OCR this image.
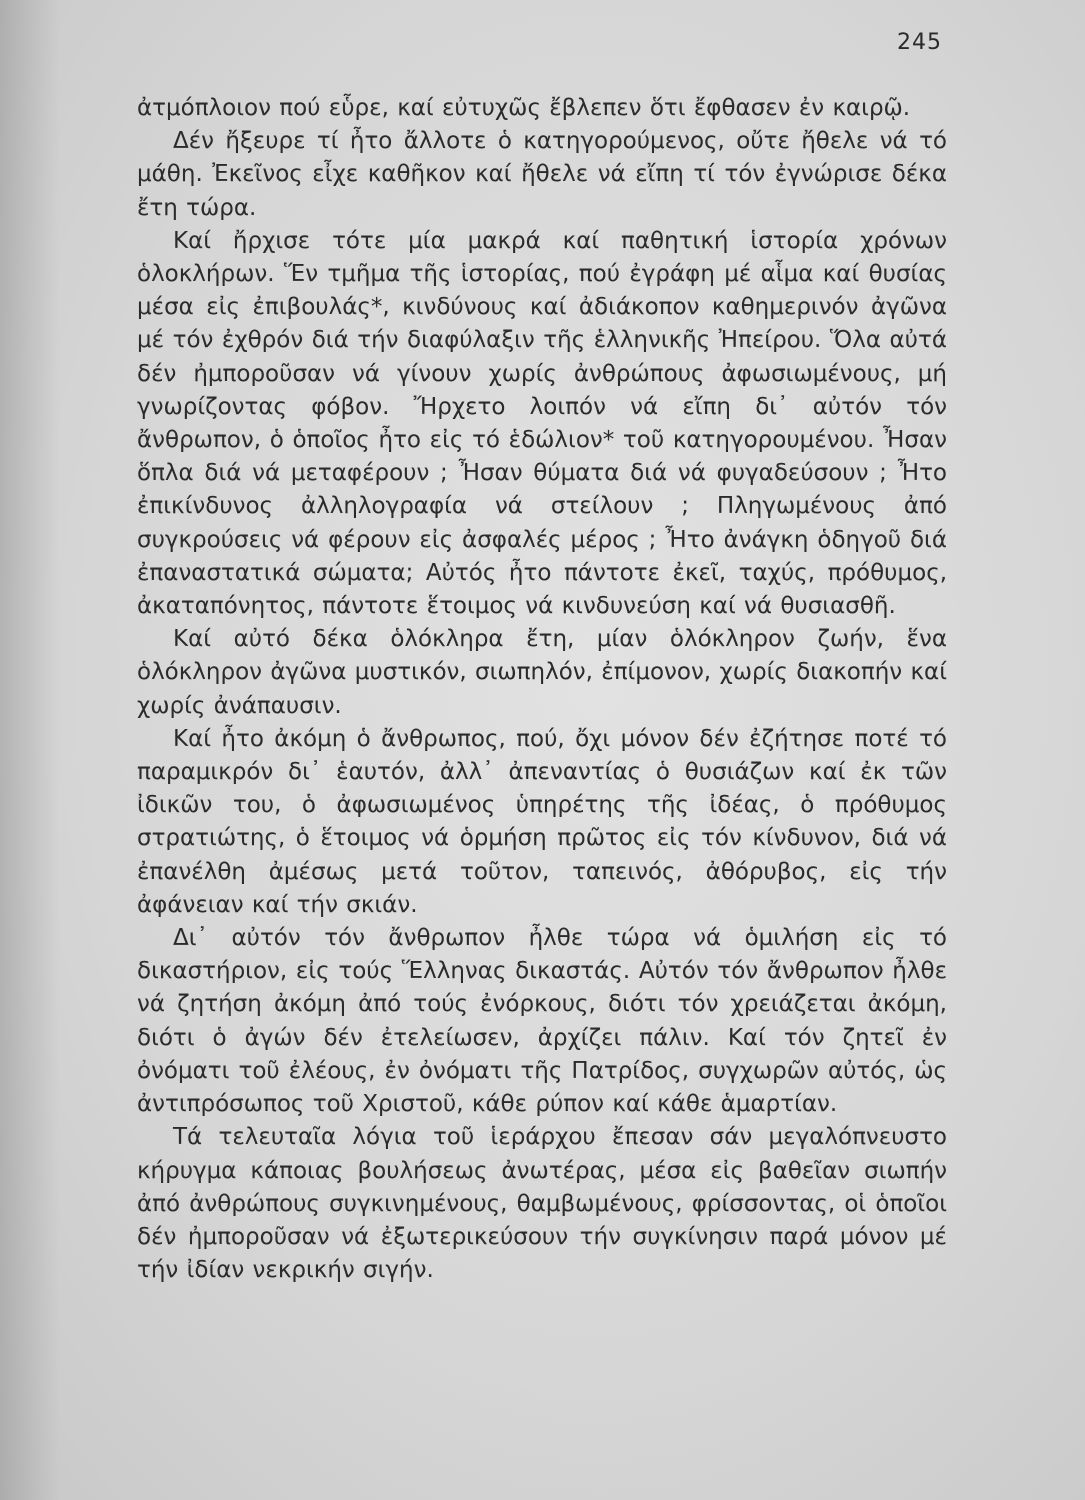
245

ἀτμόπλοιον πού εὗρε, καί εὐτυχῶς ἔβλεπεν ὅτι ἔφθασεν ἐν καιρῷ.

Δέν ἤξευρε τί ἦτο ἄλλοτε ὁ κατηγορούμενος, οὔτε ἤθελε νά τό μάθη. Ἐκεῖνος εἶχε καθῆκον καί ἤθελε νά εἴπη τί τόν ἐγνώρισε δέκα ἔτη τώρα.

Καί ἤρχισε τότε μία μακρά καί παθητική ἱστορία χρόνων ὁλοκλήρων. Ἕν τμῆμα τῆς ἱστορίας, πού ἐγράφη μέ αἷμα καί θυσίας μέσα εἰς ἐπιβουλάς*, κινδύνους καί ἀδιάκοπον καθημερινόν ἀγῶνα μέ τόν ἐχθρόν διά τήν διαφύλαξιν τῆς ἑλληνικῆς Ἠπείρου. Ὅλα αὐτά δέν ἠμποροῦσαν νά γίνουν χωρίς ἀνθρώπους ἀφωσιωμένους, μή γνωρίζοντας φόβον. Ἤρχετο λοιπόν νά εἴπη δι᾽ αὐτόν τόν ἄνθρωπον, ὁ ὁποῖος ἦτο εἰς τό ἑδώλιον* τοῦ κατηγορουμένου. Ἦσαν ὅπλα διά νά μεταφέρουν ; Ἦσαν θύματα διά νά φυγαδεύσουν ; Ἦτο ἐπικίνδυνος ἀλληλογραφία νά στείλουν ; Πληγωμένους ἀπό συγκρούσεις νά φέρουν εἰς ἀσφαλές μέρος ; Ἦτο ἀνάγκη ὁδηγοῦ διά ἐπαναστατικά σώματα; Αὐτός ἦτο πάντοτε ἐκεῖ, ταχύς, πρόθυμος, ἀκαταπόνητος, πάντοτε ἕτοιμος νά κινδυνεύση καί νά θυσιασθῆ.

Καί αὐτό δέκα ὁλόκληρα ἔτη, μίαν ὁλόκληρον ζωήν, ἕνα ὁλόκληρον ἀγῶνα μυστικόν, σιωπηλόν, ἐπίμονον, χωρίς διακοπήν καί χωρίς ἀνάπαυσιν.

Καί ἦτο ἀκόμη ὁ ἄνθρωπος, πού, ὄχι μόνον δέν ἐζήτησε ποτέ τό παραμικρόν δι᾽ ἑαυτόν, ἀλλ᾽ ἀπεναντίας ὁ θυσιάζων καί ἐκ τῶν ἰδικῶν του, ὁ ἀφωσιωμένος ὑπηρέτης τῆς ἰδέας, ὁ πρόθυμος στρατιώτης, ὁ ἕτοιμος νά ὁρμήση πρῶτος εἰς τόν κίνδυνον, διά νά ἐπανέλθη ἀμέσως μετά τοῦτον, ταπεινός, ἀθόρυβος, εἰς τήν ἀφάνειαν καί τήν σκιάν.

Δι᾽ αὐτόν τόν ἄνθρωπον ἦλθε τώρα νά ὁμιλήση εἰς τό δικαστήριον, εἰς τούς Ἕλληνας δικαστάς. Αὐτόν τόν ἄνθρωπον ἦλθε νά ζητήση ἀκόμη ἀπό τούς ἐνόρκους, διότι τόν χρειάζεται ἀκόμη, διότι ὁ ἀγών δέν ἐτελείωσεν, ἀρχίζει πάλιν. Καί τόν ζητεῖ ἐν ὀνόματι τοῦ ἐλέους, ἐν ὀνόματι τῆς Πατρίδος, συγχωρῶν αὐτός, ὡς ἀντιπρόσωπος τοῦ Χριστοῦ, κάθε ρύπον καί κάθε ἁμαρτίαν.

Τά τελευταῖα λόγια τοῦ ἱεράρχου ἔπεσαν σάν μεγαλόπνευστο κήρυγμα κάποιας βουλήσεως ἀνωτέρας, μέσα εἰς βαθεῖαν σιωπήν ἀπό ἀνθρώπους συγκινημένους, θαμβωμένους, φρίσσοντας, οἱ ὁποῖοι δέν ἠμποροῦσαν νά ἐξωτερικεύσουν τήν συγκίνησιν παρά μόνον μέ τήν ἰδίαν νεκρικήν σιγήν.
